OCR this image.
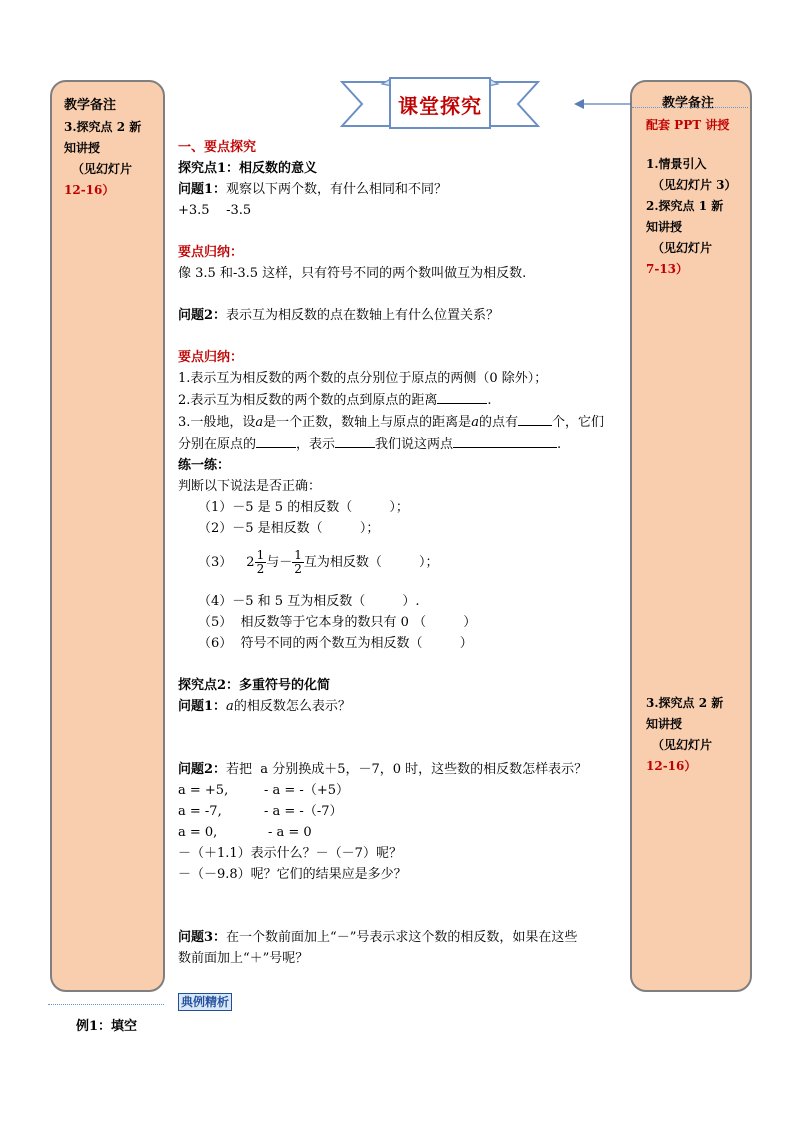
教学备注
3.探究点 2 新
知讲授
（见幻灯片
12-16）
教学备注
配套 PPT 讲授
1.情景引入
（见幻灯片 3）
2.探究点 1 新
知讲授
（见幻灯片
7-13）
3.探究点 2 新
知讲授
（见幻灯片
12-16）
课堂探究
一、要点探究
探究点1：相反数的意义
问题1：观察以下两个数，有什么相同和不同？
+3.5    -3.5
要点归纳：
像 3.5 和-3.5 这样，只有符号不同的两个数叫做互为相反数.
问题2：表示互为相反数的点在数轴上有什么位置关系？
要点归纳：
1.表示互为相反数的两个数的点分别位于原点的两侧（0 除外）；
2.表示互为相反数的两个数的点到原点的距离	.
3.一般地，设a是一个正数，数轴上与原点的距离是a的点有	个，它们
分别在原点的	，表示	我们说这两点	.
练一练：
判断以下说法是否正确：
（1）－5 是 5 的相反数（         ）；
（2）－5 是相反数（         ）；
（3） $2 \frac{1}{2}$ 与－ $\frac{1}{2}$ 互为相反数（         ）；
（4）－5 和 5 互为相反数（         ）.
（5）  相反数等于它本身的数只有 0 （         ）
（6）  符号不同的两个数互为相反数（         ）
探究点2：多重符号的化简
问题1：a的相反数怎么表示？
问题2：若把  a 分别换成＋5，－7，0 时，这些数的相反数怎样表示？
a = +5,	- a = -（+5）
a = -7,	- a = -（-7）
a = 0,	- a = 0
－（＋1.1）表示什么？－（－7）呢？
－（－9.8）呢？它们的结果应是多少？
问题3：在一个数前面加上“－”号表示求这个数的相反数，如果在这些
数前面加上“＋”号呢？
典例精析
例1：填空
